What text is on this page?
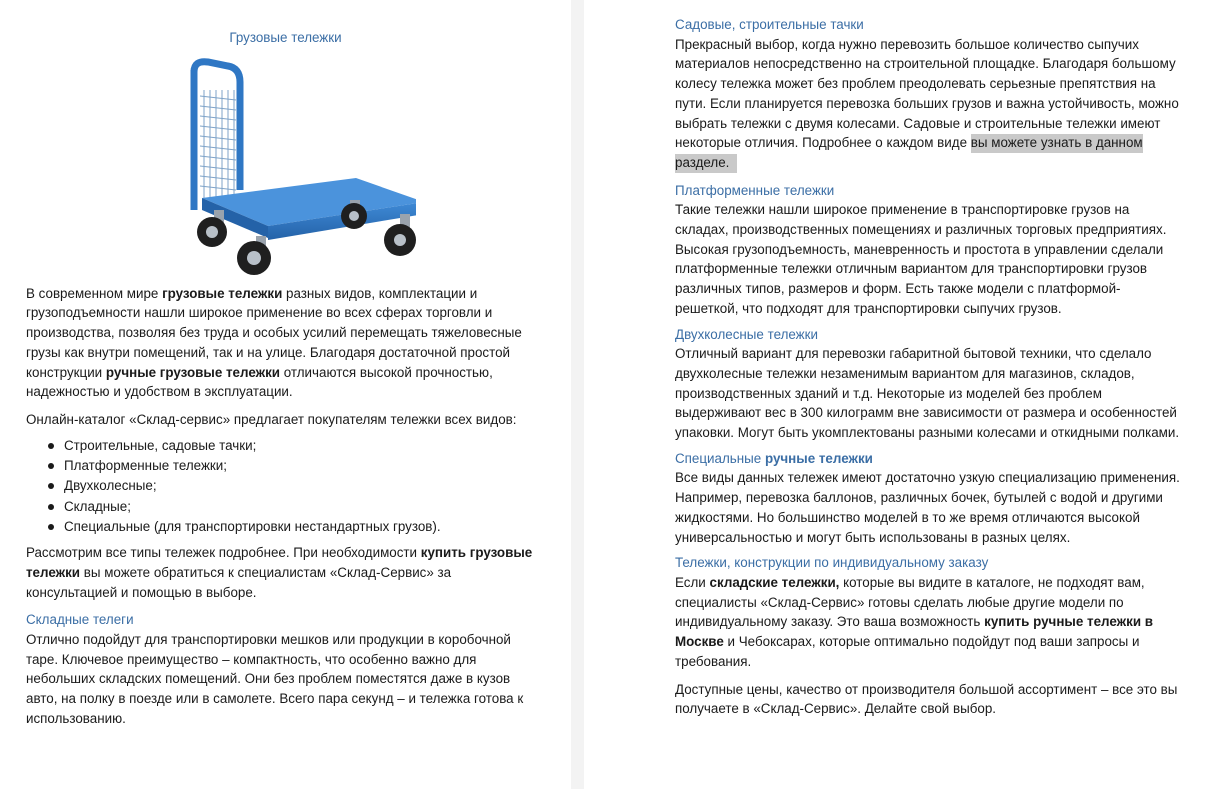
Грузовые тележки

В современном мире грузовые тележки разных видов, комплектации и грузоподъемности нашли широкое применение во всех сферах торговли и производства, позволяя без труда и особых усилий перемещать тяжеловесные грузы как внутри помещений, так и на улице. Благодаря достаточной простой конструкции ручные грузовые тележки отличаются высокой прочностью, надежностью и удобством в эксплуатации.

Онлайн-каталог «Склад-сервис» предлагает покупателям тележки всех видов:

Строительные, садовые тачки;
Платформенные тележки;
Двухколесные;
Складные;
Специальные (для транспортировки нестандартных грузов).

Рассмотрим все типы тележек подробнее. При необходимости купить грузовые тележки вы можете обратиться к специалистам «Склад-Сервис» за консультацией и помощью в выборе.

Складные телеги

Отлично подойдут для транспортировки мешков или продукции в коробочной таре. Ключевое преимущество – компактность, что особенно важно для небольших складских помещений. Они без проблем поместятся даже в кузов авто, на полку в поезде или в самолете. Всего пара секунд – и тележка готова к использованию.

Садовые, строительные тачки

Прекрасный выбор, когда нужно перевозить большое количество сыпучих материалов непосредственно на строительной площадке. Благодаря большому колесу тележка может без проблем преодолевать серьезные препятствия на пути. Если планируется перевозка больших грузов и важна устойчивость, можно выбрать тележки с двумя колесами. Садовые и строительные тележки имеют некоторые отличия. Подробнее о каждом виде вы можете узнать в данном разделе.

Платформенные тележки

Такие тележки нашли широкое применение в транспортировке грузов на складах, производственных помещениях и различных торговых предприятиях. Высокая грузоподъемность, маневренность и простота в управлении сделали платформенные тележки отличным вариантом для транспортировки грузов различных типов, размеров и форм. Есть также модели с платформой-решеткой, что подходят для транспортировки сыпучих грузов.

Двухколесные тележки

Отличный вариант для перевозки габаритной бытовой техники, что сделало двухколесные тележки незаменимым вариантом для магазинов, складов, производственных зданий и т.д. Некоторые из моделей без проблем выдерживают вес в 300 килограмм вне зависимости от размера и особенностей упаковки. Могут быть укомплектованы разными колесами и откидными полками.

Специальные ручные тележки

Все виды данных тележек имеют достаточно узкую специализацию применения. Например, перевозка баллонов, различных бочек, бутылей с водой и другими жидкостями. Но большинство моделей в то же время отличаются высокой универсальностью и могут быть использованы в разных целях.

Тележки, конструкции по индивидуальному заказу

Если складские тележки, которые вы видите в каталоге, не подходят вам, специалисты «Склад-Сервис» готовы сделать любые другие модели по индивидуальному заказу. Это ваша возможность купить ручные тележки в Москве и Чебоксарах, которые оптимально подойдут под ваши запросы и требования.

Доступные цены, качество от производителя большой ассортимент – все это вы получаете в «Склад-Сервис». Делайте свой выбор.
